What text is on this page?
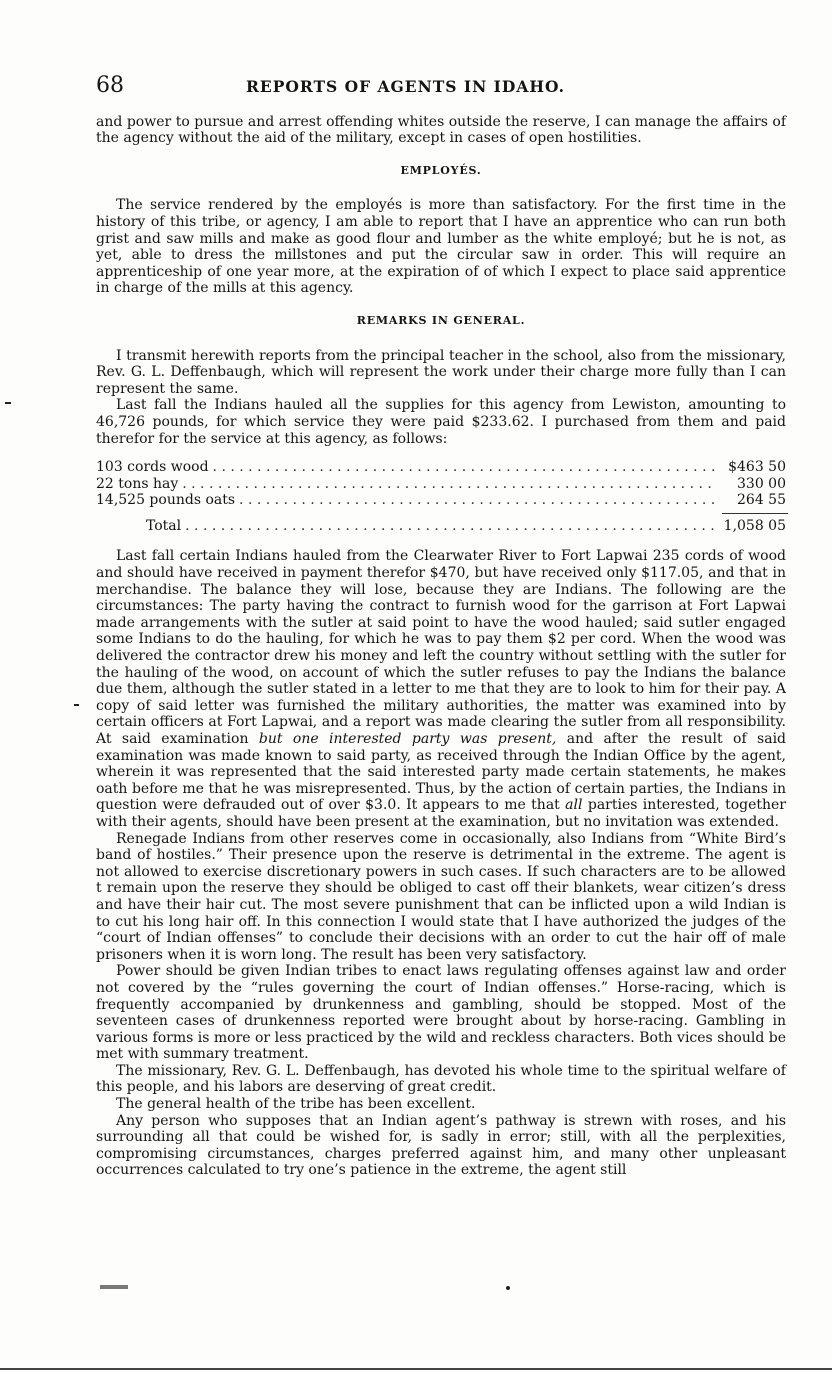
68	REPORTS OF AGENTS IN IDAHO.

and power to pursue and arrest offending whites outside the reserve, I can manage the affairs of the agency without the aid of the military, except in cases of open hostilities.

EMPLOYÉS.

The service rendered by the employés is more than satisfactory. For the first time in the history of this tribe, or agency, I am able to report that I have an apprentice who can run both grist and saw mills and make as good flour and lumber as the white employé; but he is not, as yet, able to dress the millstones and put the circular saw in order. This will require an apprenticeship of one year more, at the expiration of of which I expect to place said apprentice in charge of the mills at this agency.

REMARKS IN GENERAL.

I transmit herewith reports from the principal teacher in the school, also from the missionary, Rev. G. L. Deffenbaugh, which will represent the work under their charge more fully than I can represent the same.

Last fall the Indians hauled all the supplies for this agency from Lewiston, amounting to 46,726 pounds, for which service they were paid $233.62. I purchased from them and paid therefor for the service at this agency, as follows:

103 cords wood . . .	$463 50
22 tons hay . . .	330 00
14,525 pounds oats . . .	264 55
Total . . .	1,058 05

Last fall certain Indians hauled from the Clearwater River to Fort Lapwai 235 cords of wood and should have received in payment therefor $470, but have received only $117.05, and that in merchandise. The balance they will lose, because they are Indians. The following are the circumstances: The party having the contract to furnish wood for the garrison at Fort Lapwai made arrangements with the sutler at said point to have the wood hauled; said sutler engaged some Indians to do the hauling, for which he was to pay them $2 per cord. When the wood was delivered the contractor drew his money and left the country without settling with the sutler for the hauling of the wood, on account of which the sutler refuses to pay the Indians the balance due them, although the sutler stated in a letter to me that they are to look to him for their pay. A copy of said letter was furnished the military authorities, the matter was examined into by certain officers at Fort Lapwai, and a report was made clearing the sutler from all responsibility. At said examination but one interested party was present, and after the result of said examination was made known to said party, as received through the Indian Office by the agent, wherein it was represented that the said interested party made certain statements, he makes oath before me that he was misrepresented. Thus, by the action of certain parties, the Indians in question were defrauded out of over $3.0. It appears to me that all parties interested, together with their agents, should have been present at the examination, but no invitation was extended.

Renegade Indians from other reserves come in occasionally, also Indians from “White Bird’s band of hostiles.” Their presence upon the reserve is detrimental in the extreme. The agent is not allowed to exercise discretionary powers in such cases. If such characters are to be allowed t remain upon the reserve they should be obliged to cast off their blankets, wear citizen’s dress and have their hair cut. The most severe punishment that can be inflicted upon a wild Indian is to cut his long hair off. In this connection I would state that I have authorized the judges of the “court of Indian offenses” to conclude their decisions with an order to cut the hair off of male prisoners when it is worn long. The result has been very satisfactory.

Power should be given Indian tribes to enact laws regulating offenses against law and order not covered by the “rules governing the court of Indian offenses.” Horse-racing, which is frequently accompanied by drunkenness and gambling, should be stopped. Most of the seventeen cases of drunkenness reported were brought about by horse-racing. Gambling in various forms is more or less practiced by the wild and reckless characters. Both vices should be met with summary treatment.

The missionary, Rev. G. L. Deffenbaugh, has devoted his whole time to the spiritual welfare of this people, and his labors are deserving of great credit.

The general health of the tribe has been excellent.

Any person who supposes that an Indian agent’s pathway is strewn with roses, and his surrounding all that could be wished for, is sadly in error; still, with all the perplexities, compromising circumstances, charges preferred against him, and many other unpleasant occurrences calculated to try one’s patience in the extreme, the agent still
